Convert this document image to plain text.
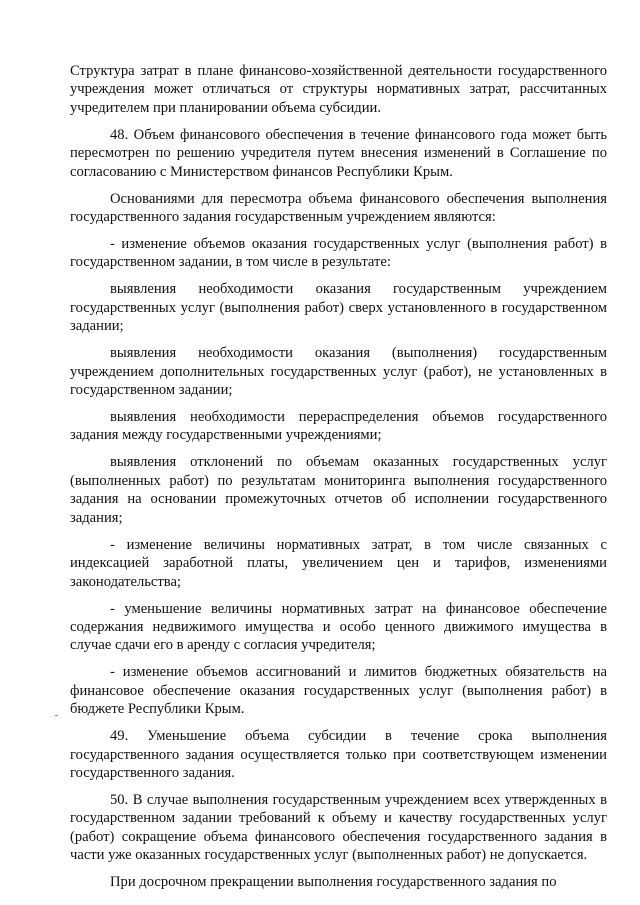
Структура затрат в плане финансово-хозяйственной деятельности государственного учреждения может отличаться от структуры нормативных затрат, рассчитанных учредителем при планировании объема субсидии.

48. Объем финансового обеспечения в течение финансового года может быть пересмотрен по решению учредителя путем внесения изменений в Соглашение по согласованию с Министерством финансов Республики Крым.

Основаниями для пересмотра объема финансового обеспечения выполнения государственного задания государственным учреждением являются:

- изменение объемов оказания государственных услуг (выполнения работ) в государственном задании, в том числе в результате:

выявления необходимости оказания государственным учреждением государственных услуг (выполнения работ) сверх установленного в государственном задании;

выявления необходимости оказания (выполнения) государственным учреждением дополнительных государственных услуг (работ), не установленных в государственном задании;

выявления необходимости перераспределения объемов государственного задания между государственными учреждениями;

выявления отклонений по объемам оказанных государственных услуг (выполненных работ) по результатам мониторинга выполнения государственного задания на основании промежуточных отчетов об исполнении государственного задания;

- изменение величины нормативных затрат, в том числе связанных с индексацией заработной платы, увеличением цен и тарифов, изменениями законодательства;

- уменьшение величины нормативных затрат на финансовое обеспечение содержания недвижимого имущества и особо ценного движимого имущества в случае сдачи его в аренду с согласия учредителя;

- изменение объемов ассигнований и лимитов бюджетных обязательств на финансовое обеспечение оказания государственных услуг (выполнения работ) в бюджете Республики Крым.

49. Уменьшение объема субсидии в течение срока выполнения государственного задания осуществляется только при соответствующем изменении государственного задания.

50. В случае выполнения государственным учреждением всех утвержденных в государственном задании требований к объему и качеству государственных услуг (работ) сокращение объема финансового обеспечения государственного задания в части уже оказанных государственных услуг (выполненных работ) не допускается.

При досрочном прекращении выполнения государственного задания по
